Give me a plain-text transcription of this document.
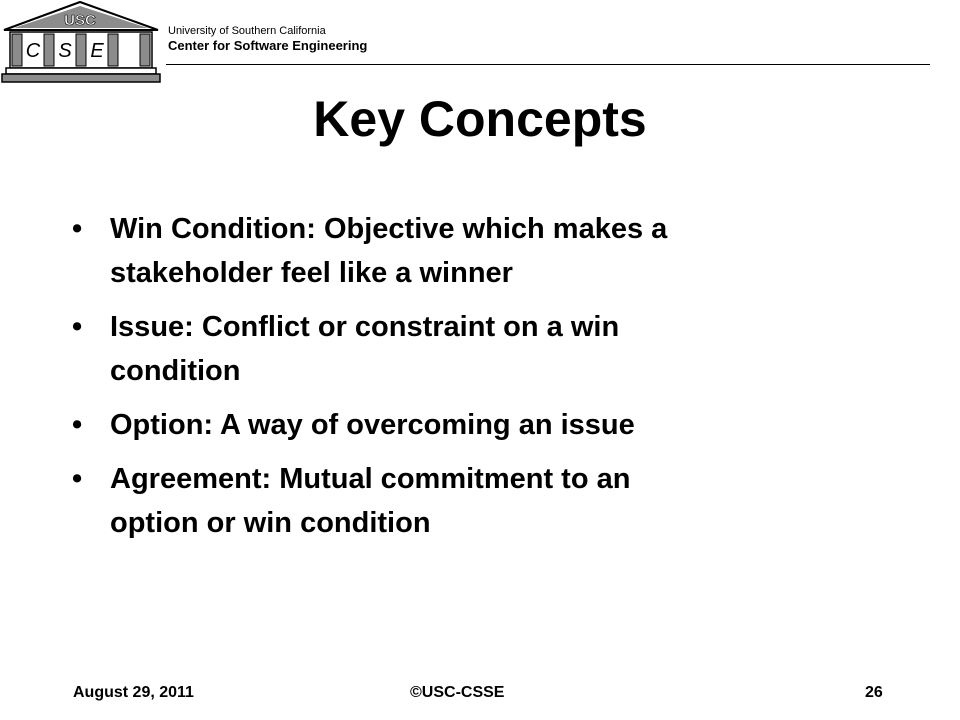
USC
C S E
University of Southern California
Center for Software Engineering
Key Concepts
• Win Condition: Objective which makes a
stakeholder feel like a winner
• Issue: Conflict or constraint on a win
condition
• Option: A way of overcoming an issue
• Agreement: Mutual commitment to an
option or win condition
August 29, 2011	©USC-CSSE	26
